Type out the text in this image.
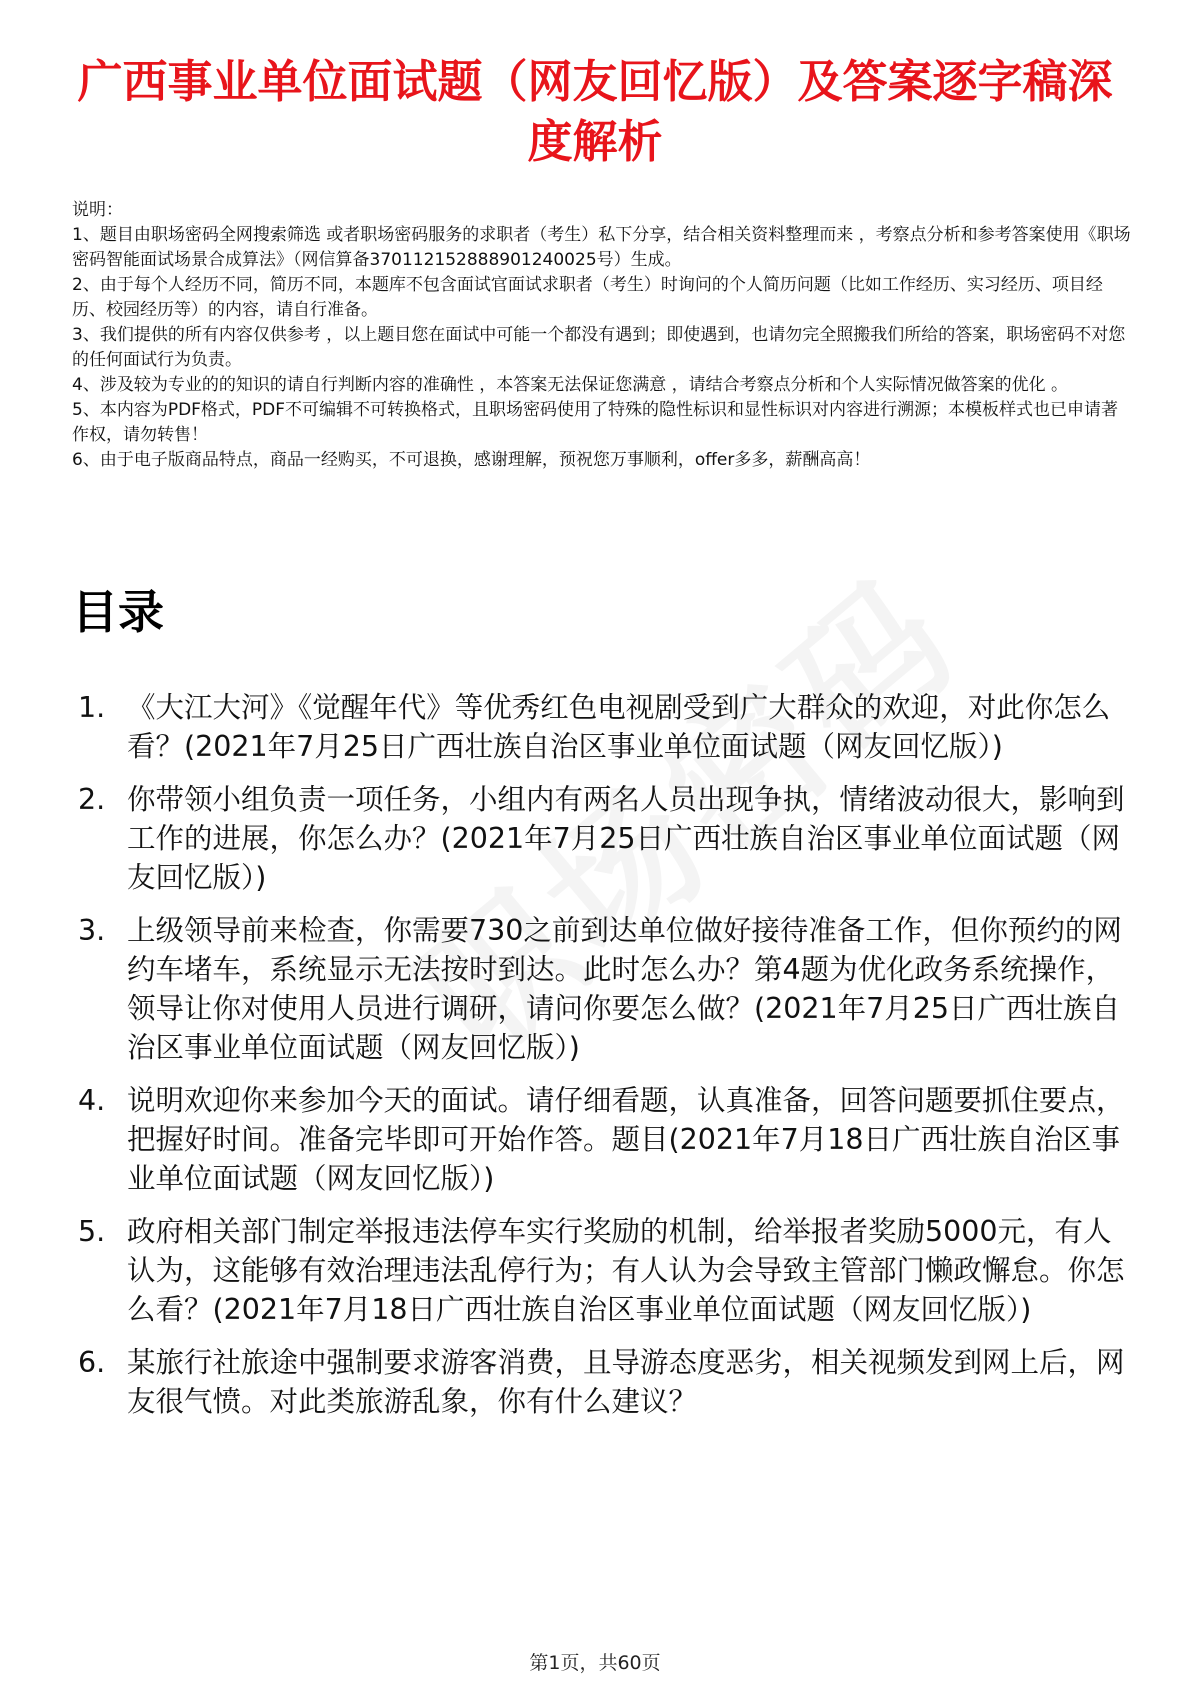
广西事业单位面试题（网友回忆版）及答案逐字稿深度解析

说明：

1、题目由职场密码全网搜索筛选 或者职场密码服务的求职者（考生）私下分享，结合相关资料整理而来 ，考察点分析和参考答案使用《职场密码智能面试场景合成算法》（网信算备370112152888901240025号）生成。

2、由于每个人经历不同，简历不同，本题库不包含面试官面试求职者（考生）时询问的个人简历问题（比如工作经历、实习经历、项目经历、校园经历等）的内容，请自行准备。

3、我们提供的所有内容仅供参考 ，以上题目您在面试中可能一个都没有遇到；即使遇到，也请勿完全照搬我们所给的答案，职场密码不对您的任何面试行为负责。

4、涉及较为专业的的知识的请自行判断内容的准确性 ，本答案无法保证您满意 ，请结合考察点分析和个人实际情况做答案的优化 。

5、本内容为PDF格式，PDF不可编辑不可转换格式，且职场密码使用了特殊的隐性标识和显性标识对内容进行溯源；本模板样式也已申请著作权，请勿转售！

6、由于电子版商品特点，商品一经购买，不可退换，感谢理解，预祝您万事顺利，offer多多，薪酬高高！

目录
1. 《大江大河》《觉醒年代》等优秀红色电视剧受到广大群众的欢迎，对此你怎么看？(2021年7月25日广西壮族自治区事业单位面试题（网友回忆版）)
2. 你带领小组负责一项任务，小组内有两名人员出现争执，情绪波动很大，影响到工作的进展，你怎么办？(2021年7月25日广西壮族自治区事业单位面试题（网友回忆版）)
3. 上级领导前来检查，你需要730之前到达单位做好接待准备工作，但你预约的网约车堵车，系统显示无法按时到达。此时怎么办？第4题为优化政务系统操作，领导让你对使用人员进行调研，请问你要怎么做？(2021年7月25日广西壮族自治区事业单位面试题（网友回忆版）)
4. 说明欢迎你来参加今天的面试。请仔细看题，认真准备，回答问题要抓住要点，把握好时间。准备完毕即可开始作答。题目(2021年7月18日广西壮族自治区事业单位面试题（网友回忆版）)
5. 政府相关部门制定举报违法停车实行奖励的机制，给举报者奖励5000元，有人认为，这能够有效治理违法乱停行为；有人认为会导致主管部门懒政懈怠。你怎么看？(2021年7月18日广西壮族自治区事业单位面试题（网友回忆版）)
6. 某旅行社旅途中强制要求游客消费，且导游态度恶劣，相关视频发到网上后，网友很气愤。对此类旅游乱象，你有什么建议？
第1页，共60页
